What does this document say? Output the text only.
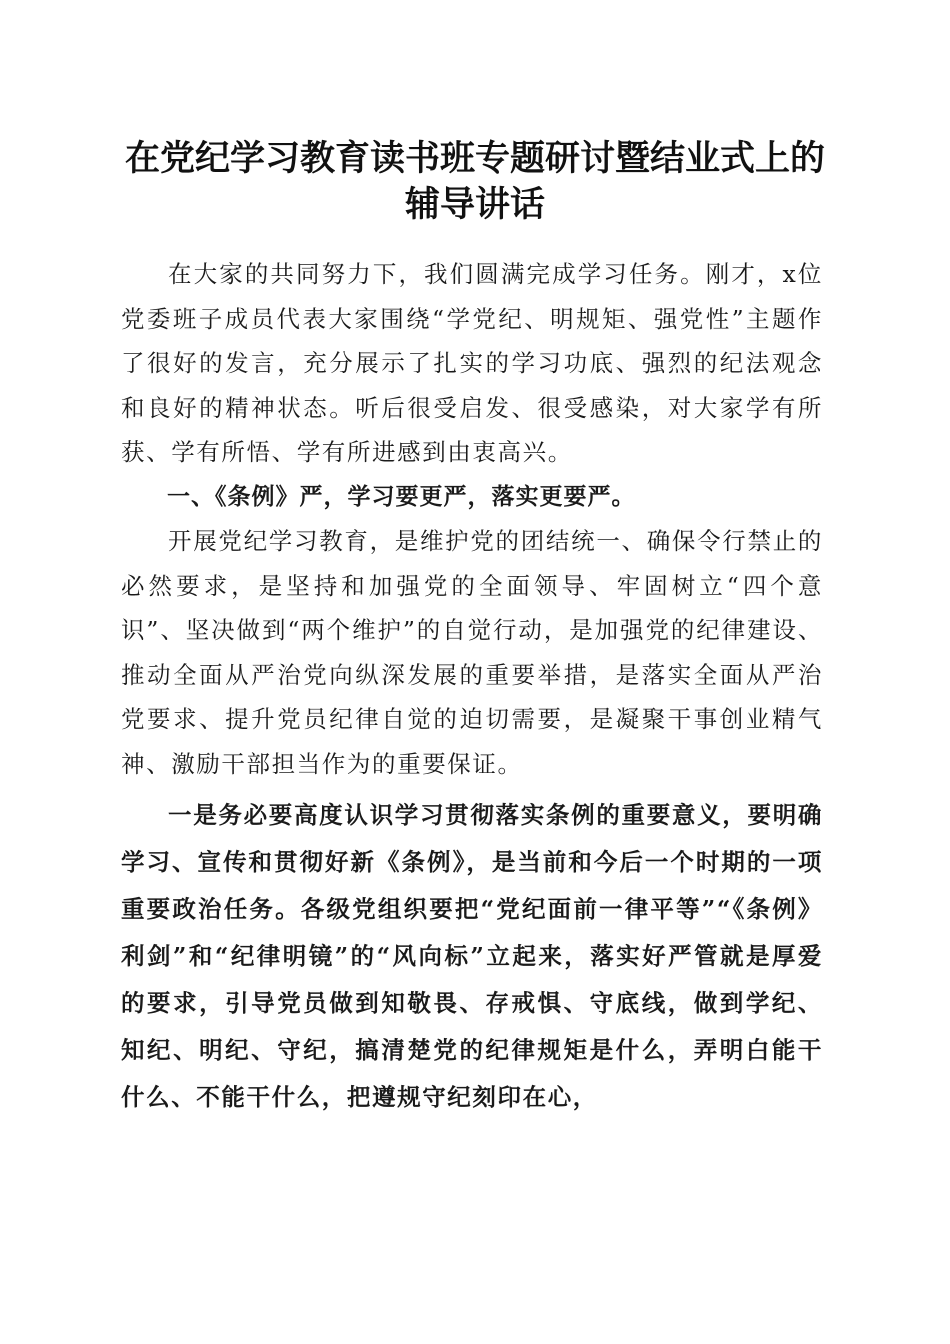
在党纪学习教育读书班专题研讨暨结业式上的辅导讲话

在大家的共同努力下，我们圆满完成学习任务。刚才，x位党委班子成员代表大家围绕“学党纪、明规矩、强党性”主题作了很好的发言，充分展示了扎实的学习功底、强烈的纪法观念和良好的精神状态。听后很受启发、很受感染，对大家学有所获、学有所悟、学有所进感到由衷高兴。

一、《条例》严，学习要更严，落实更要严。

开展党纪学习教育，是维护党的团结统一、确保令行禁止的必然要求，是坚持和加强党的全面领导、牢固树立“四个意识”、坚决做到“两个维护”的自觉行动，是加强党的纪律建设、推动全面从严治党向纵深发展的重要举措，是落实全面从严治党要求、提升党员纪律自觉的迫切需要，是凝聚干事创业精气神、激励干部担当作为的重要保证。

一是务必要高度认识学习贯彻落实条例的重要意义，要明确学习、宣传和贯彻好新《条例》，是当前和今后一个时期的一项重要政治任务。各级党组织要把“党纪面前一律平等”“《条例》利剑”和“纪律明镜”的“风向标”立起来，落实好严管就是厚爱的要求，引导党员做到知敬畏、存戒惧、守底线，做到学纪、知纪、明纪、守纪，搞清楚党的纪律规矩是什么，弄明白能干什么、不能干什么，把遵规守纪刻印在心，
